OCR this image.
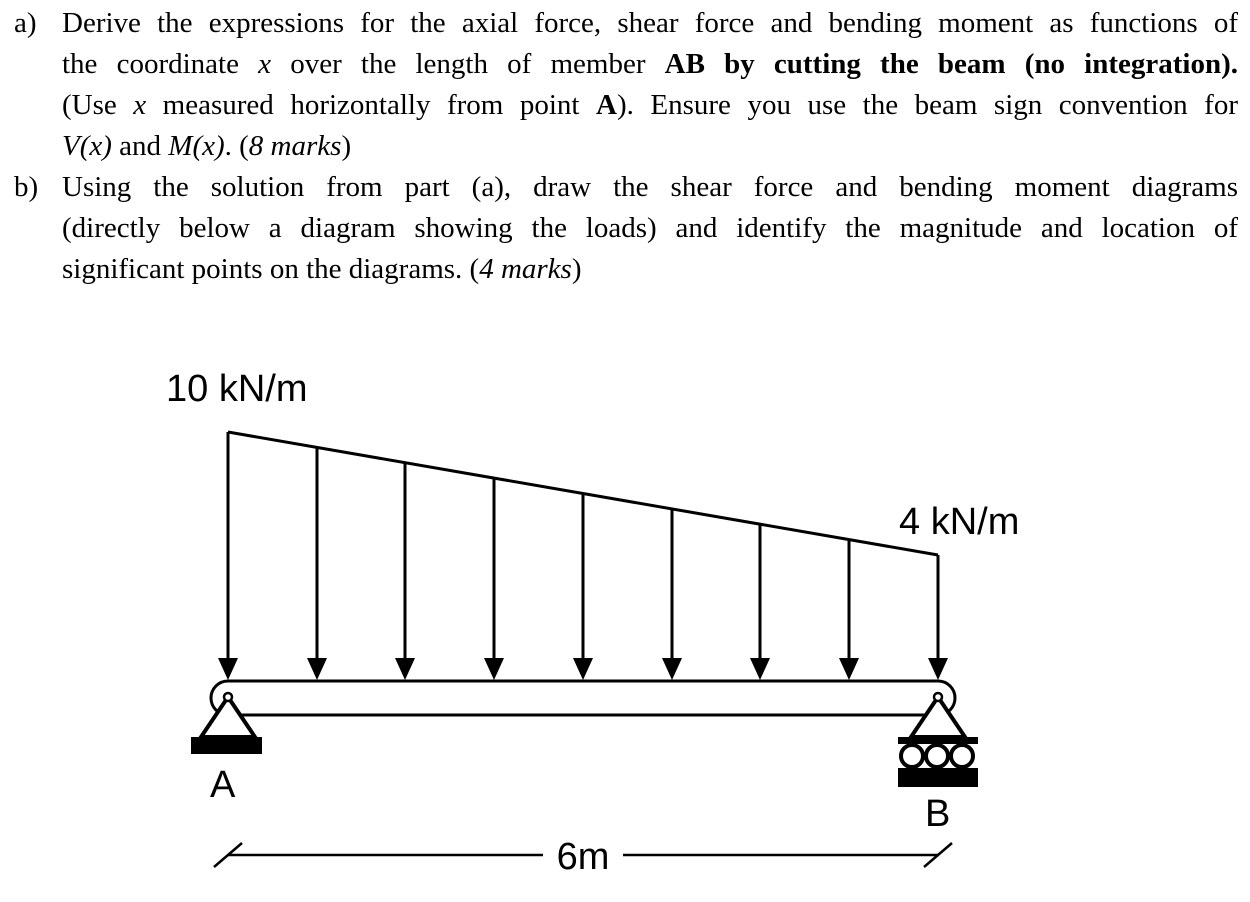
a) Derive the expressions for the axial force, shear force and bending moment as functions of
the coordinate x over the length of member AB by cutting the beam (no integration).
(Use x measured horizontally from point A). Ensure you use the beam sign convention for
V(x) and M(x). (8 marks)
b) Using the solution from part (a), draw the shear force and bending moment diagrams
(directly below a diagram showing the loads) and identify the magnitude and location of
significant points on the diagrams. (4 marks)
10 kN/m
4 kN/m
A
B
6m
